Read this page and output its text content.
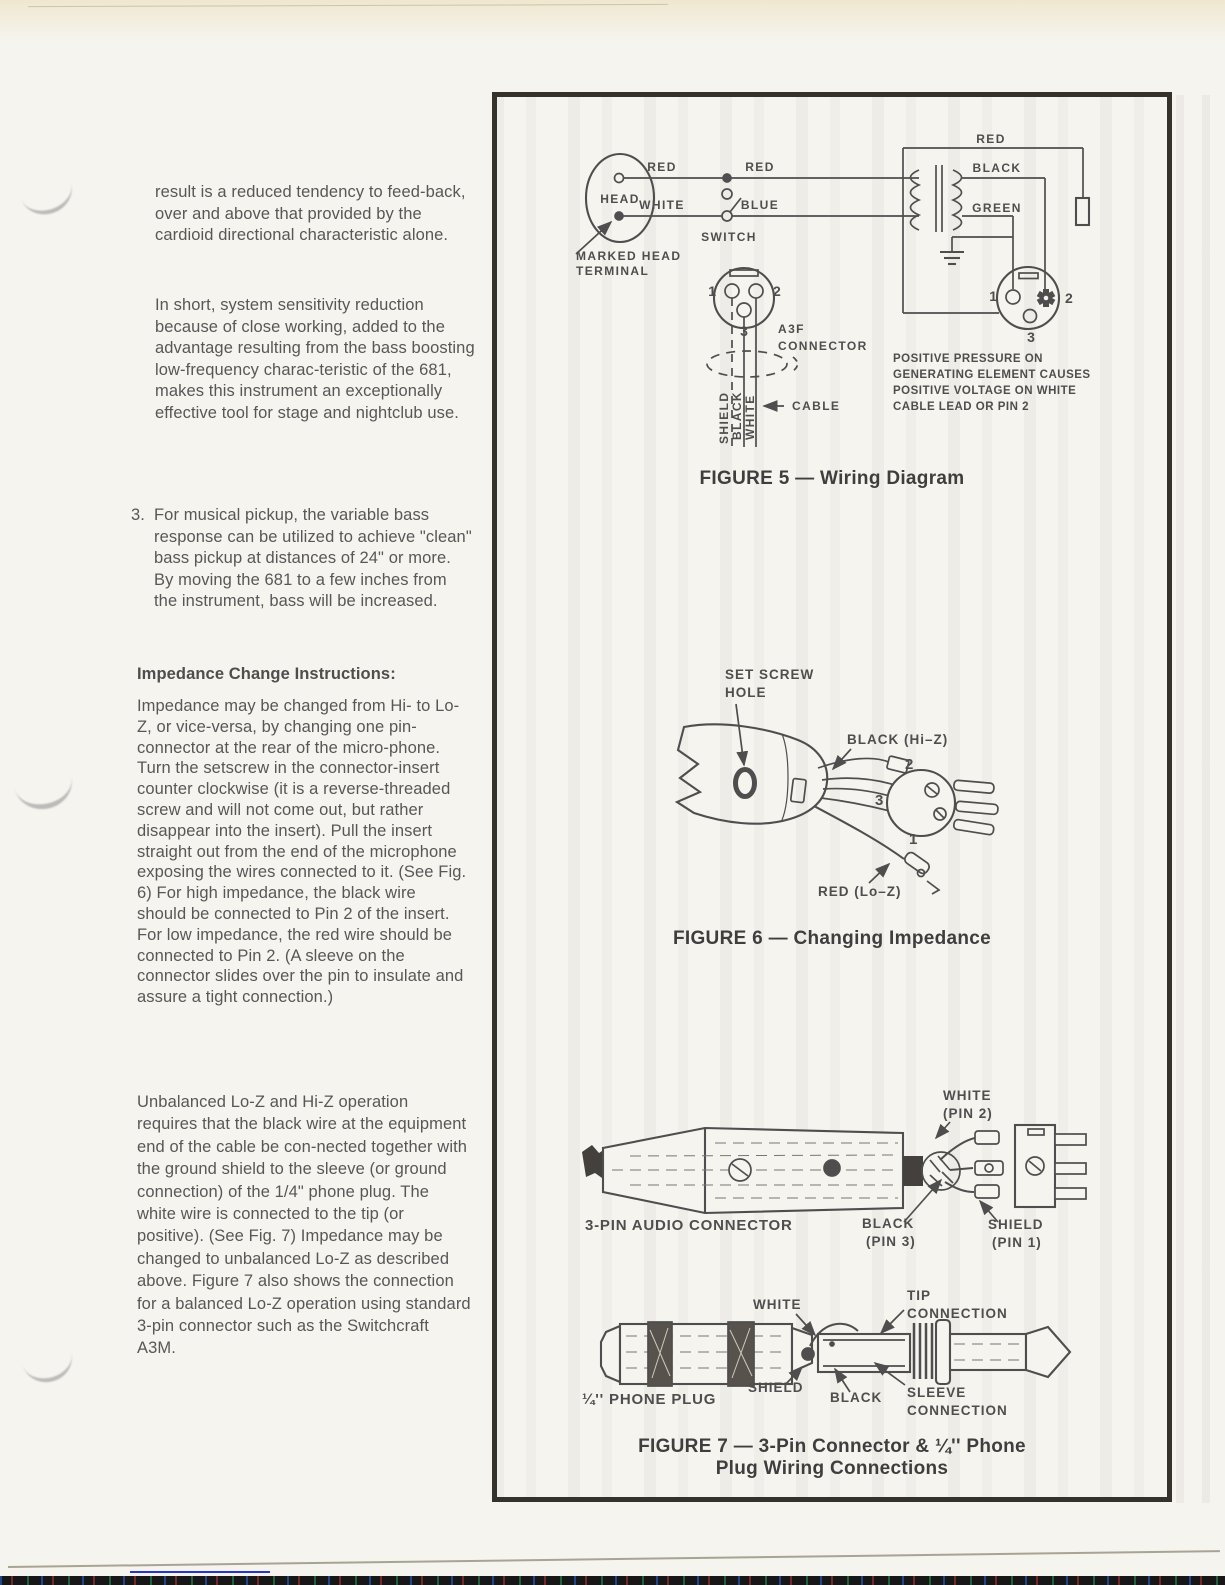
result is a reduced tendency to feed-back, over and above that provided by the cardioid directional characteristic alone.

In short, system sensitivity reduction because of close working, added to the advantage resulting from the bass boosting low-frequency charac-teristic of the 681, makes this instrument an exceptionally effective tool for stage and nightclub use.

3. For musical pickup, the variable bass response can be utilized to achieve "clean" bass pickup at distances of 24" or more. By moving the 681 to a few inches from the instrument, bass will be increased.

Impedance Change Instructions:

Impedance may be changed from Hi- to Lo-Z, or vice-versa, by changing one pin-connector at the rear of the micro-phone. Turn the setscrew in the connector-insert counter clockwise (it is a reverse-threaded screw and will not come out, but rather disappear into the insert). Pull the insert straight out from the end of the microphone exposing the wires connected to it. (See Fig. 6) For high impedance, the black wire should be connected to Pin 2 of the insert. For low impedance, the red wire should be connected to Pin 2. (A sleeve on the connector slides over the pin to insulate and assure a tight connection.)

Unbalanced Lo-Z and Hi-Z operation requires that the black wire at the equipment end of the cable be con-nected together with the ground shield to the sleeve (or ground connection) of the 1/4" phone plug. The white wire is connected to the tip (or positive). (See Fig. 7) Impedance may be changed to unbalanced Lo-Z as described above. Figure 7 also shows the connection for a balanced Lo-Z operation using standard 3-pin connector such as the Switchcraft A3M.

HEAD
MARKED HEAD
TERMINAL
RED
WHITE
RED
BLUE
SWITCH
RED
BLACK
GREEN
A3F
CONNECTOR
1	2
3
1	2
3
SHIELD BLACK WHITE	CABLE
POSITIVE PRESSURE ON
GENERATING ELEMENT CAUSES
POSITIVE VOLTAGE ON WHITE
CABLE LEAD OR PIN 2
FIGURE 5 — Wiring Diagram
SET SCREW
HOLE
BLACK (Hi–Z)
2
3
1
RED (Lo–Z)
FIGURE 6 — Changing Impedance
WHITE
(PIN 2)
3-PIN AUDIO CONNECTOR	BLACK
(PIN 3)
SHIELD
(PIN 1)
WHITE
TIP
CONNECTION
SHIELD
BLACK SLEEVE
CONNECTION
¼'' PHONE PLUG
FIGURE 7 — 3-Pin Connector & ¼'' Phone
Plug Wiring Connections
